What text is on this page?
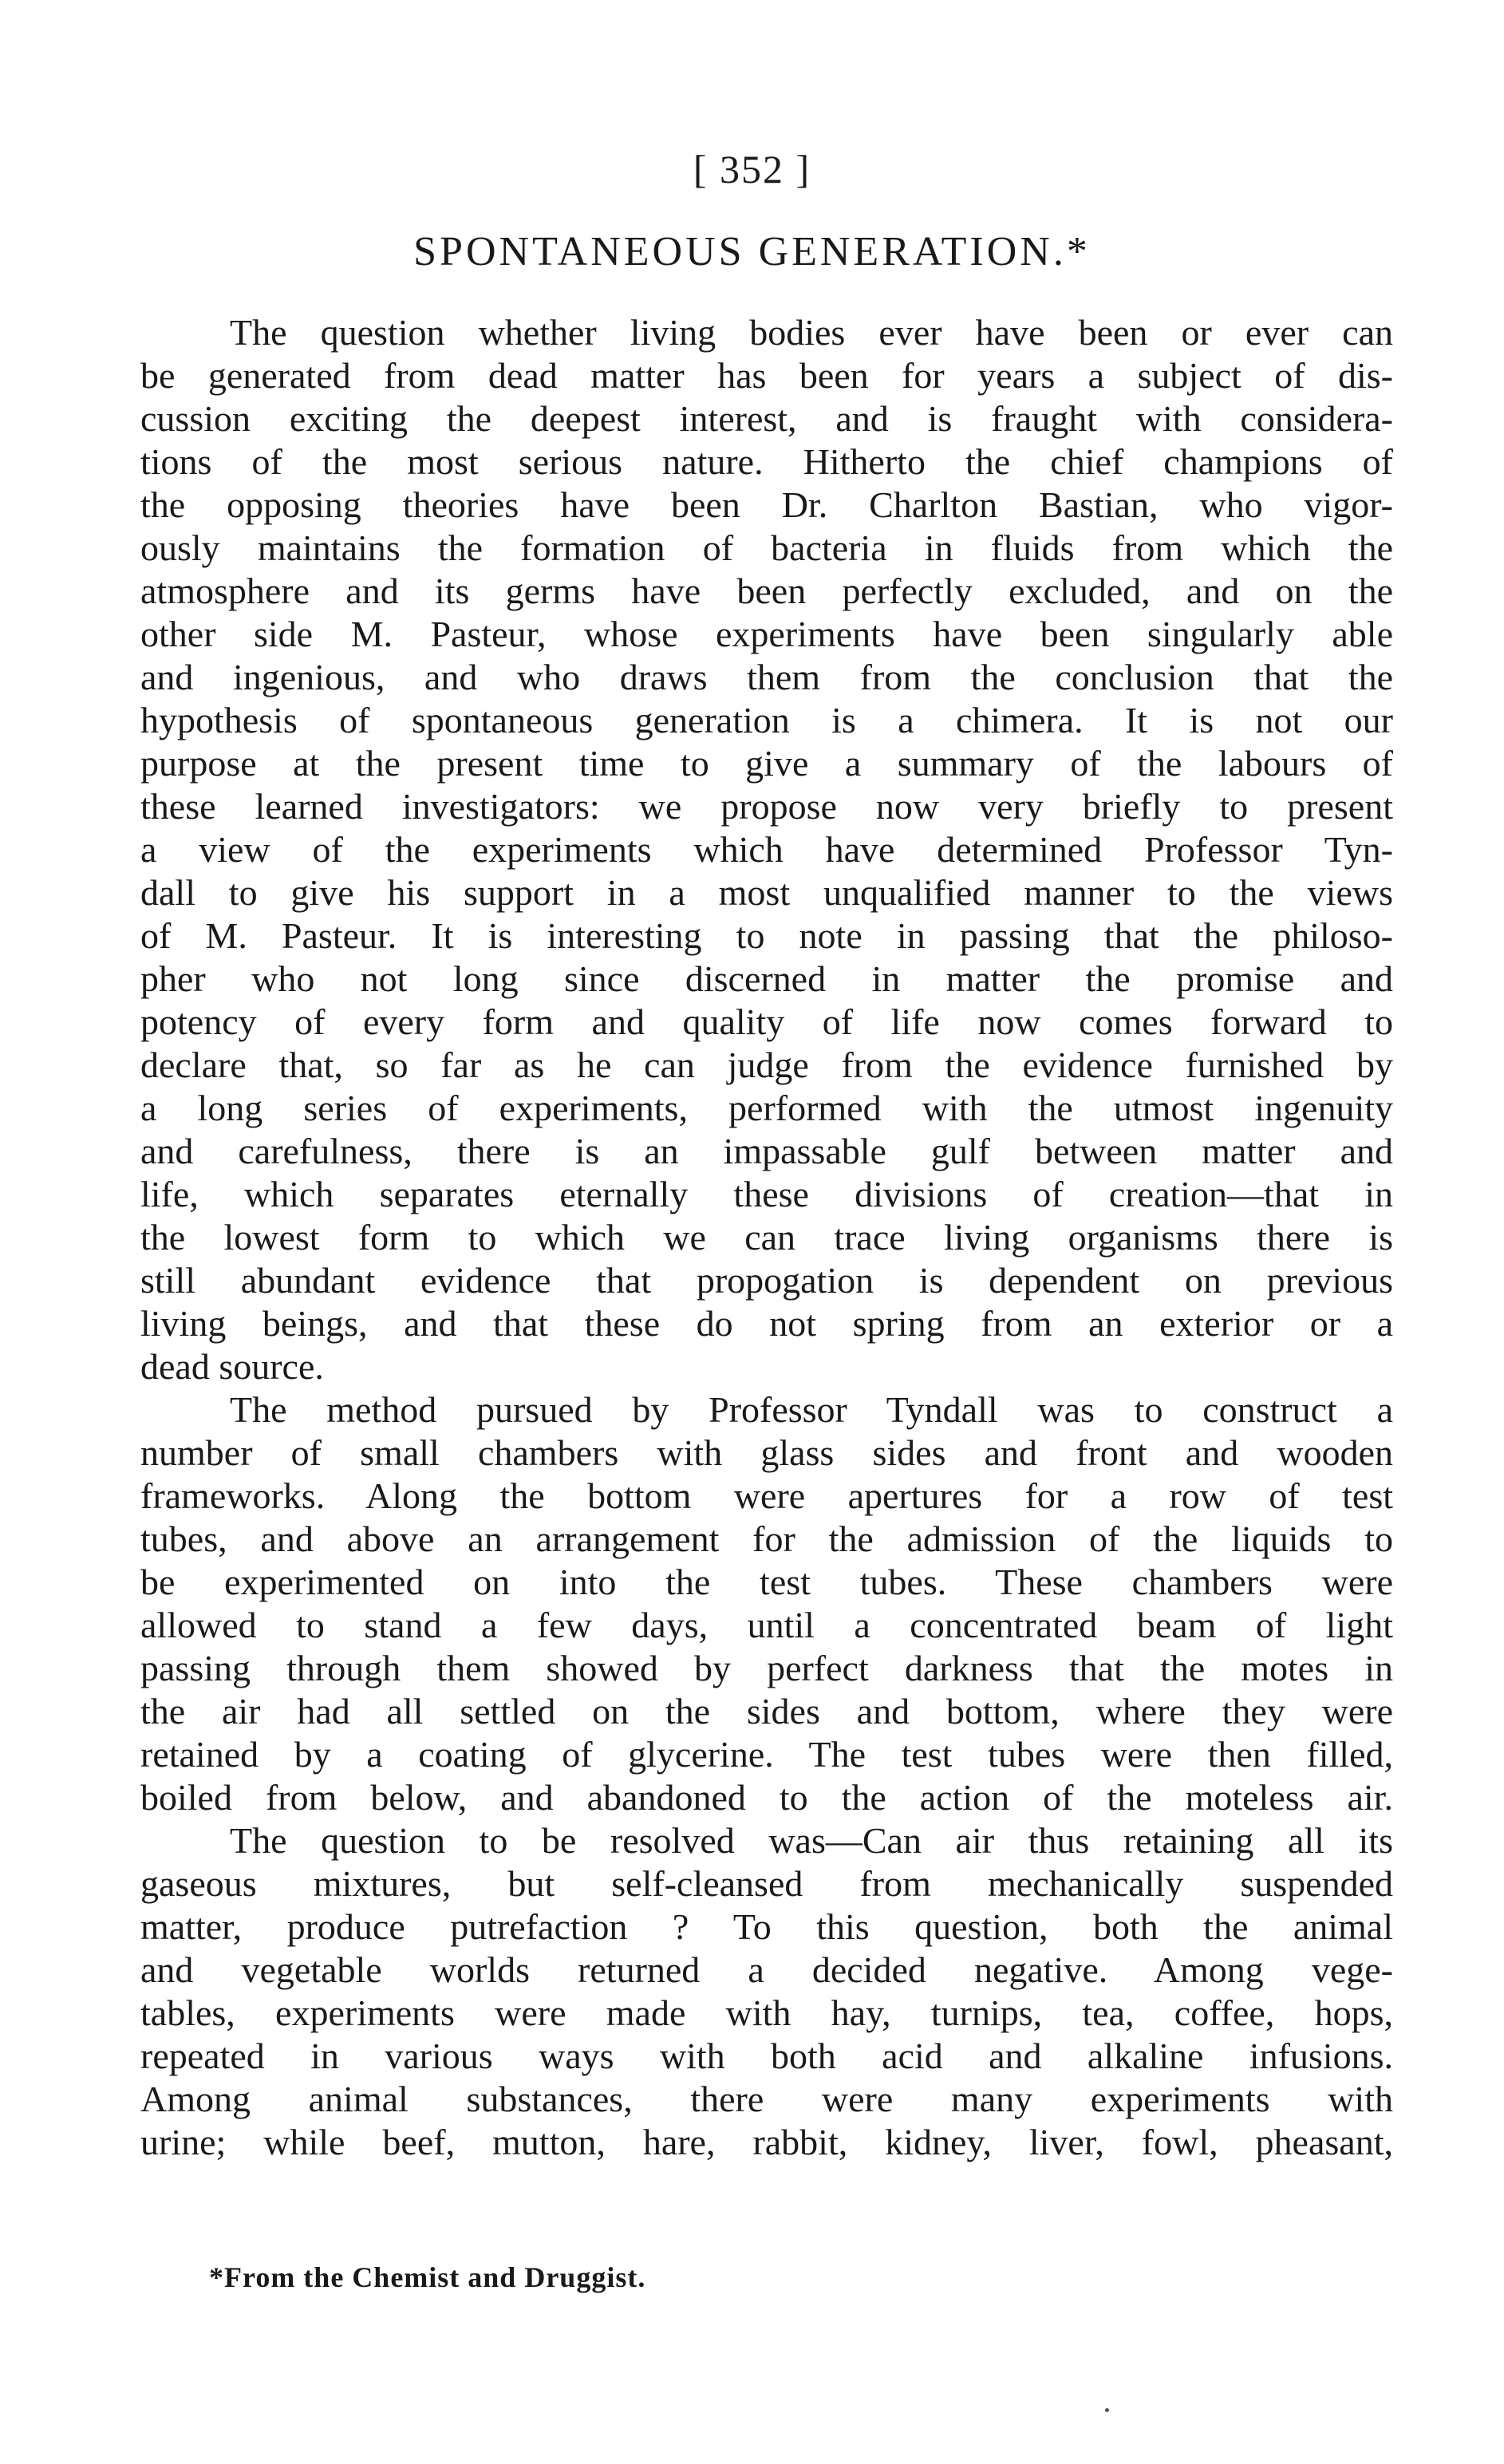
[ 352 ]
SPONTANEOUS GENERATION.*
The question whether living bodies ever have been or ever can
be generated from dead matter has been for years a subject of dis-
cussion exciting the deepest interest, and is fraught with considera-
tions of the most serious nature. Hitherto the chief champions of
the opposing theories have been Dr. Charlton Bastian, who vigor-
ously maintains the formation of bacteria in fluids from which the
atmosphere and its germs have been perfectly excluded, and on the
other side M. Pasteur, whose experiments have been singularly able
and ingenious, and who draws them from the conclusion that the
hypothesis of spontaneous generation is a chimera. It is not our
purpose at the present time to give a summary of the labours of
these learned investigators: we propose now very briefly to present
a view of the experiments which have determined Professor Tyn-
dall to give his support in a most unqualified manner to the views
of M. Pasteur. It is interesting to note in passing that the philoso-
pher who not long since discerned in matter the promise and
potency of every form and quality of life now comes forward to
declare that, so far as he can judge from the evidence furnished by
a long series of experiments, performed with the utmost ingenuity
and carefulness, there is an impassable gulf between matter and
life, which separates eternally these divisions of creation—that in
the lowest form to which we can trace living organisms there is
still abundant evidence that propogation is dependent on previous
living beings, and that these do not spring from an exterior or a
dead source.
The method pursued by Professor Tyndall was to construct a
number of small chambers with glass sides and front and wooden
frameworks. Along the bottom were apertures for a row of test
tubes, and above an arrangement for the admission of the liquids to
be experimented on into the test tubes. These chambers were
allowed to stand a few days, until a concentrated beam of light
passing through them showed by perfect darkness that the motes in
the air had all settled on the sides and bottom, where they were
retained by a coating of glycerine. The test tubes were then filled,
boiled from below, and abandoned to the action of the moteless air.
The question to be resolved was—Can air thus retaining all its
gaseous mixtures, but self-cleansed from mechanically suspended
matter, produce putrefaction ? To this question, both the animal
and vegetable worlds returned a decided negative. Among vege-
tables, experiments were made with hay, turnips, tea, coffee, hops,
repeated in various ways with both acid and alkaline infusions.
Among animal substances, there were many experiments with
urine; while beef, mutton, hare, rabbit, kidney, liver, fowl, pheasant,
*From the Chemist and Druggist.
